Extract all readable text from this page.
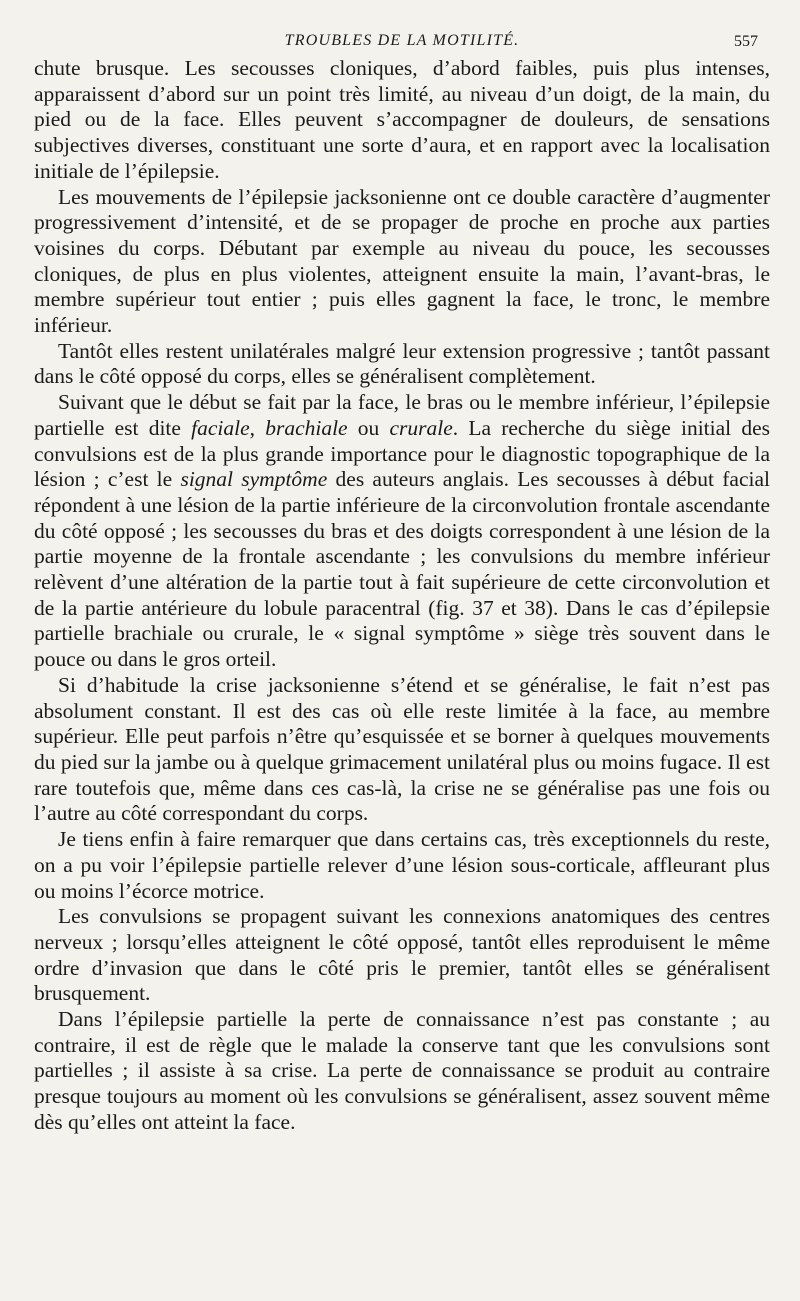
TROUBLES DE LA MOTILITÉ.	557

chute brusque. Les secousses cloniques, d’abord faibles, puis plus intenses, apparaissent d’abord sur un point très limité, au niveau d’un doigt, de la main, du pied ou de la face. Elles peuvent s’accompagner de douleurs, de sensations subjectives diverses, constituant une sorte d’aura, et en rapport avec la localisation initiale de l’épilepsie.

Les mouvements de l’épilepsie jacksonienne ont ce double caractère d’augmenter progressivement d’intensité, et de se propager de proche en proche aux parties voisines du corps. Débutant par exemple au niveau du pouce, les secousses cloniques, de plus en plus violentes, atteignent ensuite la main, l’avant-bras, le membre supérieur tout entier ; puis elles gagnent la face, le tronc, le membre inférieur.

Tantôt elles restent unilatérales malgré leur extension progressive ; tantôt passant dans le côté opposé du corps, elles se généralisent complètement.

Suivant que le début se fait par la face, le bras ou le membre inférieur, l’épilepsie partielle est dite faciale, brachiale ou crurale. La recherche du siège initial des convulsions est de la plus grande importance pour le diagnostic topographique de la lésion ; c’est le signal symptôme des auteurs anglais. Les secousses à début facial répondent à une lésion de la partie inférieure de la circonvolution frontale ascendante du côté opposé ; les secousses du bras et des doigts correspondent à une lésion de la partie moyenne de la frontale ascendante ; les convulsions du membre inférieur relèvent d’une altération de la partie tout à fait supérieure de cette circonvolution et de la partie antérieure du lobule paracentral (fig. 37 et 38). Dans le cas d’épilepsie partielle brachiale ou crurale, le « signal symptôme » siège très souvent dans le pouce ou dans le gros orteil.

Si d’habitude la crise jacksonienne s’étend et se généralise, le fait n’est pas absolument constant. Il est des cas où elle reste limitée à la face, au membre supérieur. Elle peut parfois n’être qu’esquissée et se borner à quelques mouvements du pied sur la jambe ou à quelque grimacement unilatéral plus ou moins fugace. Il est rare toutefois que, même dans ces cas-là, la crise ne se généralise pas une fois ou l’autre au côté correspondant du corps.

Je tiens enfin à faire remarquer que dans certains cas, très exceptionnels du reste, on a pu voir l’épilepsie partielle relever d’une lésion sous-corticale, affleurant plus ou moins l’écorce motrice.

Les convulsions se propagent suivant les connexions anatomiques des centres nerveux ; lorsqu’elles atteignent le côté opposé, tantôt elles reproduisent le même ordre d’invasion que dans le côté pris le premier, tantôt elles se généralisent brusquement.

Dans l’épilepsie partielle la perte de connaissance n’est pas constante ; au contraire, il est de règle que le malade la conserve tant que les convulsions sont partielles ; il assiste à sa crise. La perte de connaissance se produit au contraire presque toujours au moment où les convulsions se généralisent, assez souvent même dès qu’elles ont atteint la face.
